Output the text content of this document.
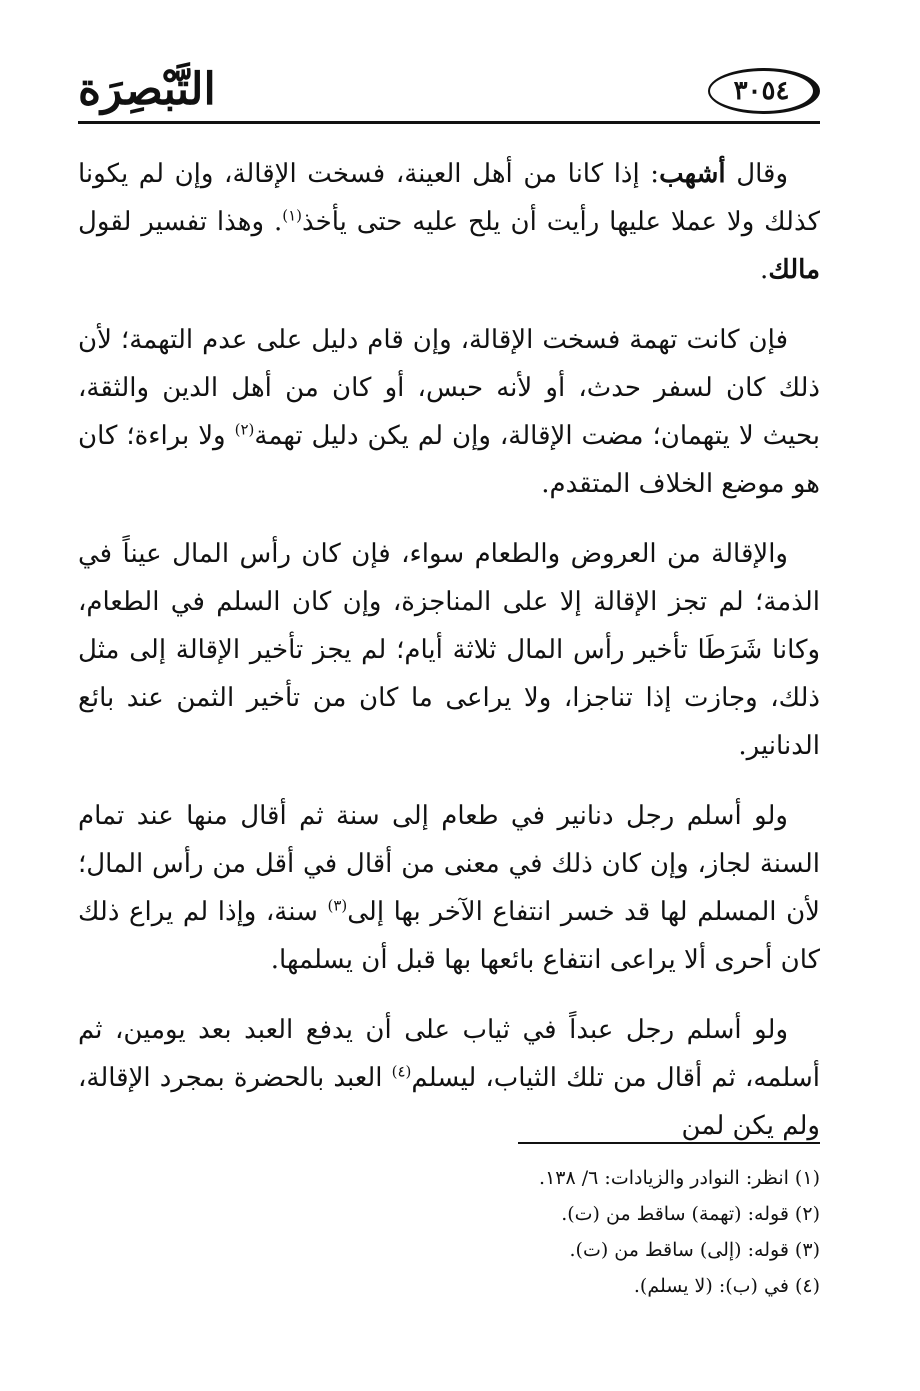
التَّبْصِرَة	٣٠٥٤

وقال أشهب: إذا كانا من أهل العينة، فسخت الإقالة، وإن لم يكونا كذلك ولا عملا عليها رأيت أن يلح عليه حتى يأخذ$^{(١)}$. وهذا تفسير لقول مالك.

فإن كانت تهمة فسخت الإقالة، وإن قام دليل على عدم التهمة؛ لأن ذلك كان لسفر حدث، أو لأنه حبس، أو كان من أهل الدين والثقة، بحيث لا يتهمان؛ مضت الإقالة، وإن لم يكن دليل تهمة$^{(٢)}$ ولا براءة؛ كان هو موضع الخلاف المتقدم.

والإقالة من العروض والطعام سواء، فإن كان رأس المال عيناً في الذمة؛ لم تجز الإقالة إلا على المناجزة، وإن كان السلم في الطعام، وكانا شَرَطَا تأخير رأس المال ثلاثة أيام؛ لم يجز تأخير الإقالة إلى مثل ذلك، وجازت إذا تناجزا، ولا يراعى ما كان من تأخير الثمن عند بائع الدنانير.

ولو أسلم رجل دنانير في طعام إلى سنة ثم أقال منها عند تمام السنة لجاز، وإن كان ذلك في معنى من أقال في أقل من رأس المال؛ لأن المسلم لها قد خسر انتفاع الآخر بها إلى$^{(٣)}$ سنة، وإذا لم يراع ذلك كان أحرى ألا يراعى انتفاع بائعها بها قبل أن يسلمها.

ولو أسلم رجل عبداً في ثياب على أن يدفع العبد بعد يومين، ثم أسلمه، ثم أقال من تلك الثياب، ليسلم$^{(٤)}$ العبد بالحضرة بمجرد الإقالة، ولم يكن لمن

(١) انظر: النوادر والزيادات: ٦/ ١٣٨.

(٢) قوله: (تهمة) ساقط من (ت).

(٣) قوله: (إلى) ساقط من (ت).

(٤) في (ب): (لا يسلم).
